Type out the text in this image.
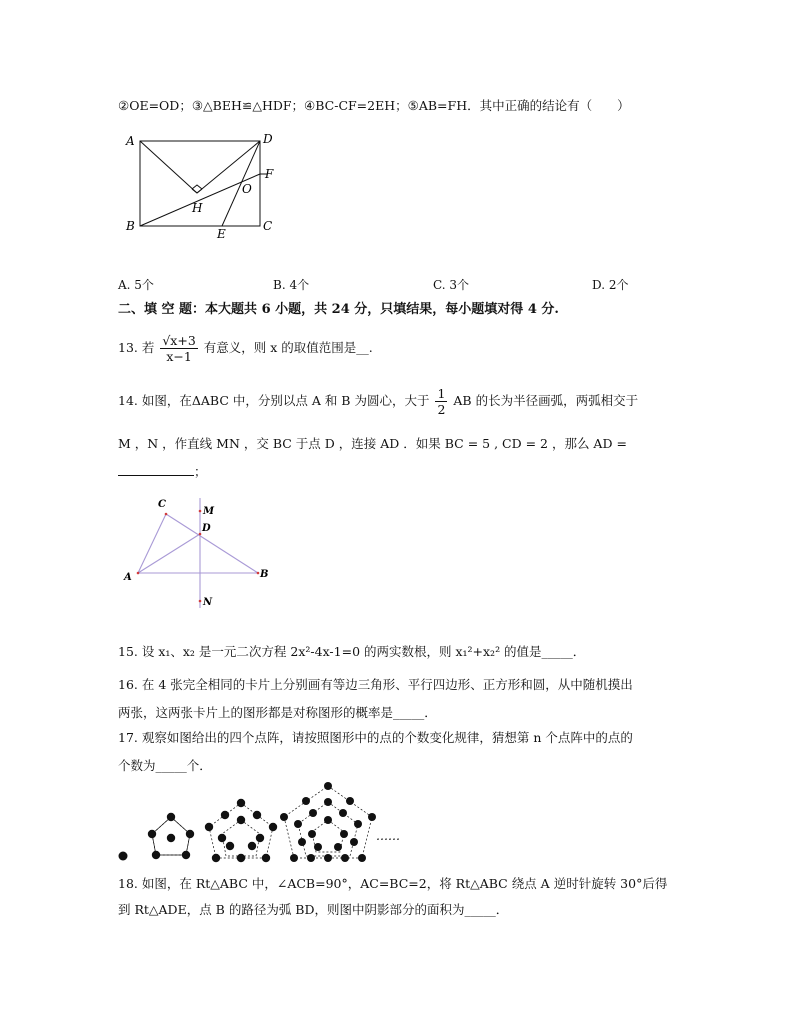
②OE=OD；③△BEH≌△HDF；④BC-CF=2EH；⑤AB=FH．其中正确的结论有（　　）
A	D
F
O
H
B
E
C
A. 5个	B. 4个	C. 3个	D. 2个
二、填 空 题：本大题共 6 小题，共 24 分，只填结果，每小题填对得 4 分.
13. 若 $\frac{√x+3}{x-1}$ 有意义，则 x 的取值范围是__.
14. 如图，在ΔABC 中，分别以点 A 和 B 为圆心，大于 $\frac{1}{2}$ AB 的长为半径画弧，两弧相交于
M ，N ，作直线 MN ，交 BC 于点 D ，连接 AD ．如果 BC = 5 , CD = 2 ，那么 AD =
；
C
M
D
A	B
N
15. 设 x₁、x₂ 是一元二次方程 2x²-4x-1=0 的两实数根，则 x₁²+x₂² 的值是_____．
16. 在 4 张完全相同的卡片上分别画有等边三角形、平行四边形、正方形和圆，从中随机摸出
两张，这两张卡片上的图形都是对称图形的概率是_____．
17. 观察如图给出的四个点阵，请按照图形中的点的个数变化规律，猜想第 n 个点阵中的点的
个数为_____个．
……
18. 如图，在 Rt△ABC 中，∠ACB=90°，AC=BC=2，将 Rt△ABC 绕点 A 逆时针旋转 30°后得
到 Rt△ADE，点 B 的路径为弧 BD，则图中阴影部分的面积为_____．
